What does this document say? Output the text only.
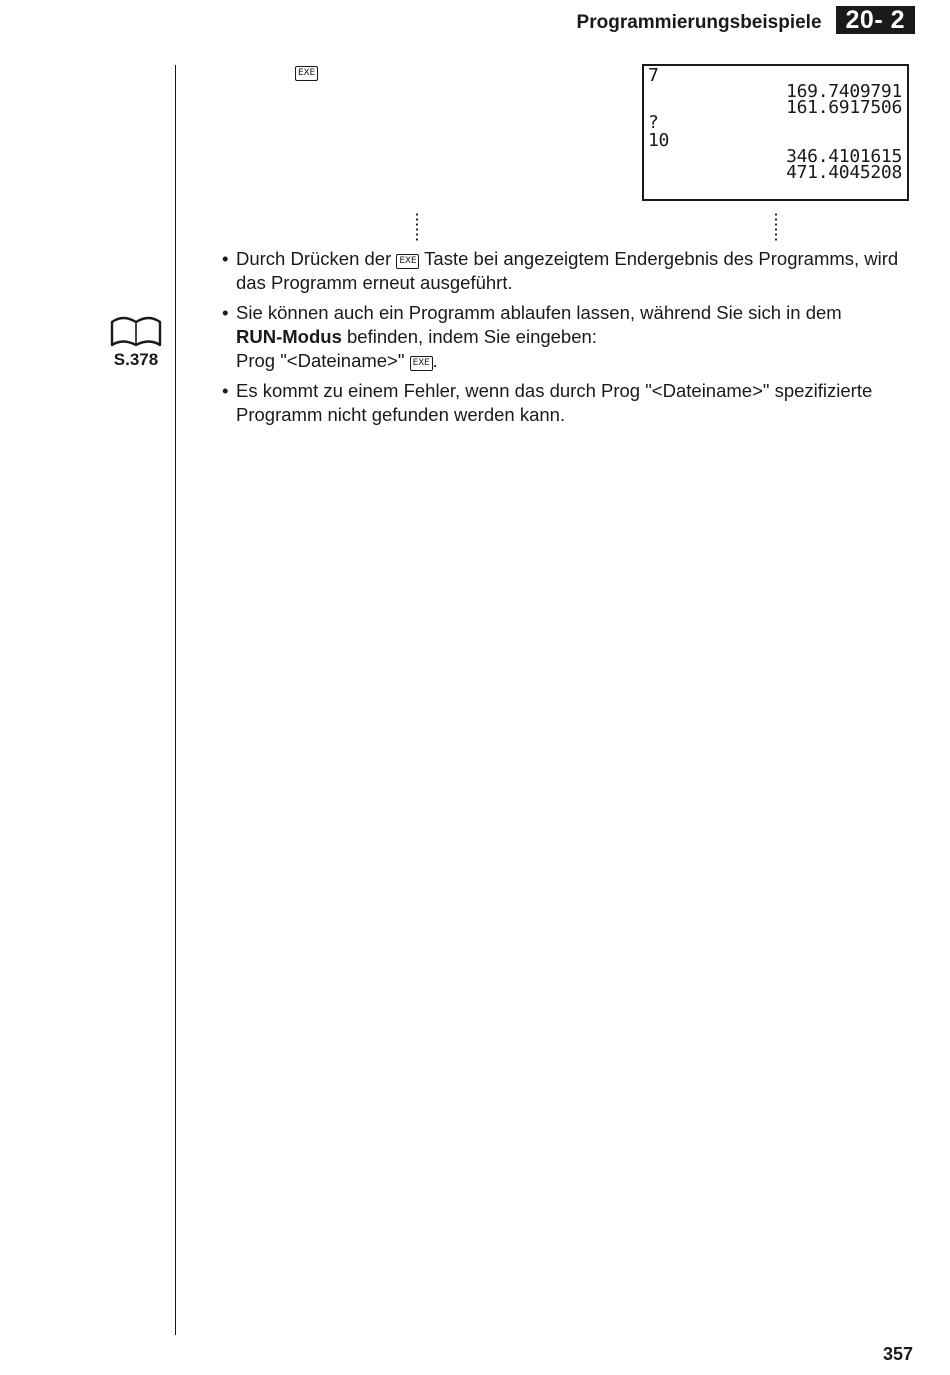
Programmierungsbeispiele 20- 2
EXE	7
169.7409791
161.6917506
?
10
346.4101615
471.4045208
• Durch Drücken der EXE Taste bei angezeigtem Endergebnis des Programms, wird das Programm erneut ausgeführt.
• Sie können auch ein Programm ablaufen lassen, während Sie sich in dem
RUN-Modus befinden, indem Sie eingeben:
Prog "<Dateiname>" EXE .
• Es kommt zu einem Fehler, wenn das durch Prog "<Dateiname>" spezifizierte Programm nicht gefunden werden kann.
S.378
357
